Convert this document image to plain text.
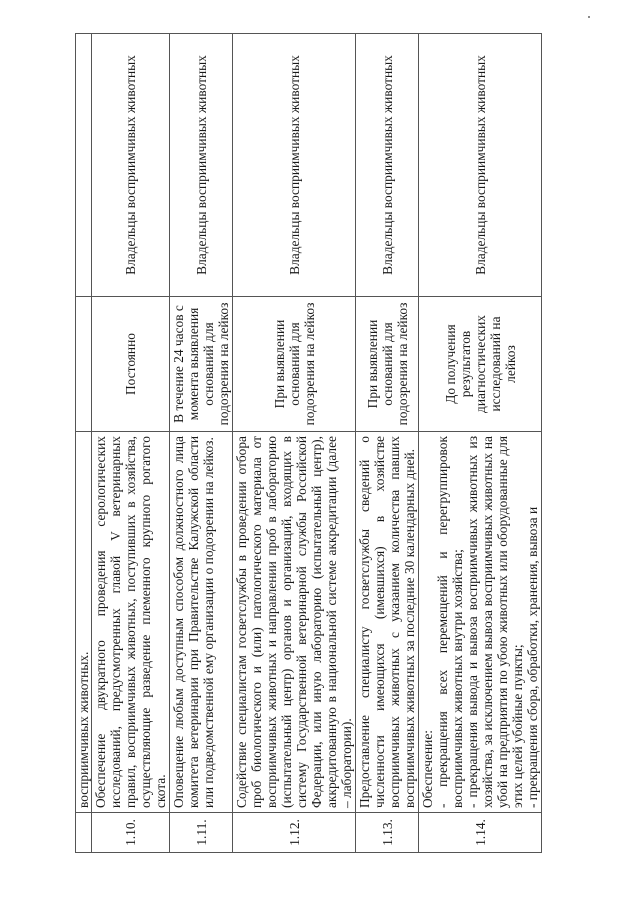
	восприимчивых животных.		
1.10.	Обеспечение двукратного проведения серологических исследований, предусмотренных главой V ветеринарных правил, восприимчивых животных, поступивших в хозяйства, осуществляющие разведение племенного крупного рогатого скота.	Постоянно	Владельцы восприимчивых животных
1.11.	Оповещение любым доступным способом должностного лица комитета ветеринарии при Правительстве Калужской области или подведомственной ему организации о подозрении на лейкоз.	В течение 24 часов с момента выявления оснований для подозрения на лейкоз	Владельцы восприимчивых животных
1.12.	Содействие специалистам госветслужбы в проведении отбора проб биологического и (или) патологического материала от восприимчивых животных и направлении проб в лабораторию (испытательный центр) органов и организаций, входящих в систему Государственной ветеринарной службы Российской Федерации, или иную лабораторию (испытательный центр), аккредитованную в национальной системе аккредитации (далее – лаборатории).	При выявлении оснований для подозрения на лейкоз	Владельцы восприимчивых животных
1.13.	Предоставление специалисту госветслужбы сведений о численности имеющихся (имевшихся) в хозяйстве восприимчивых животных с указанием количества павших восприимчивых животных за последние 30 календарных дней.	При выявлении оснований для подозрения на лейкоз	Владельцы восприимчивых животных
1.14.	Обеспечение: - прекращения всех перемещений и перегруппировок восприимчивых животных внутри хозяйства; - прекращения вывода и вывоза восприимчивых животных из хозяйства, за исключением вывоза восприимчивых животных на убой на предприятия по убою животных или оборудованные для этих целей убойные пункты; - прекращения сбора, обработки, хранения, вывоза и	До получения результатов диагностических исследований на лейкоз	Владельцы восприимчивых животных
